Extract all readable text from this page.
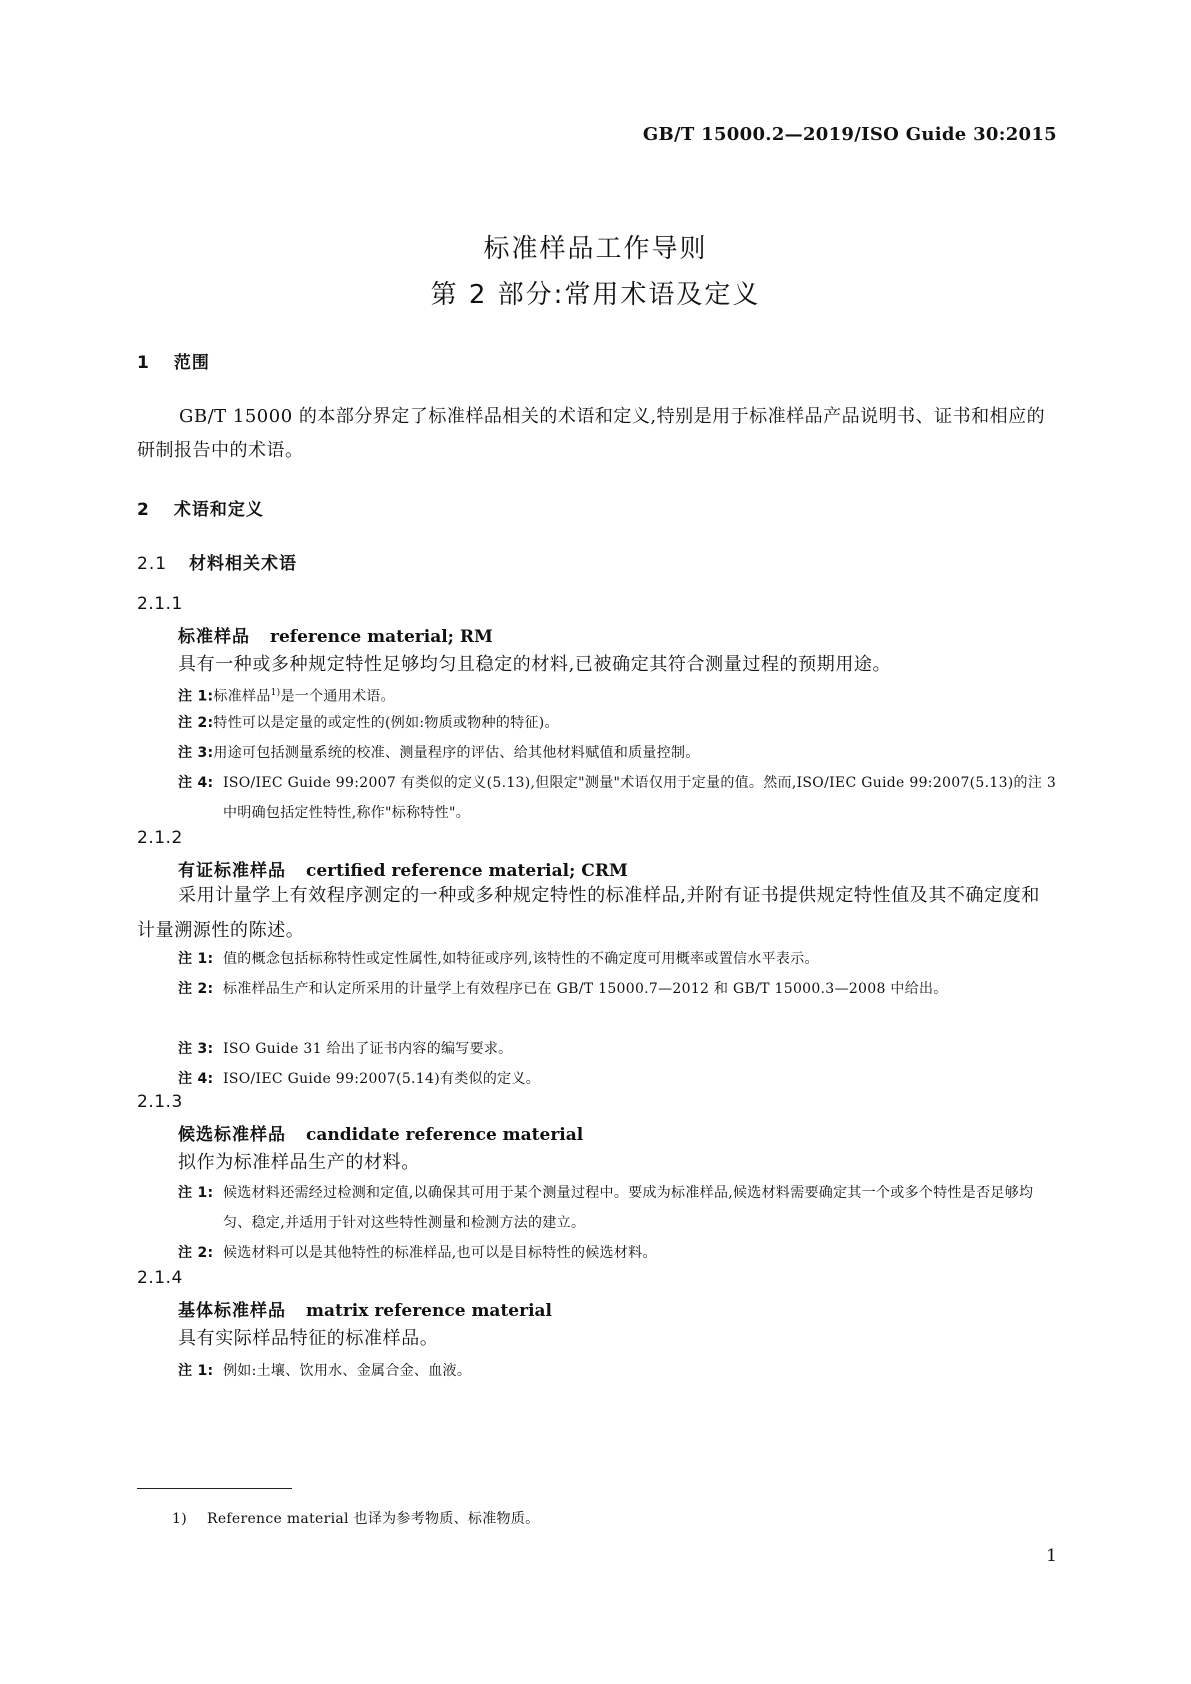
GB/T 15000.2—2019/ISO Guide 30:2015
标准样品工作导则
第 2 部分:常用术语及定义
1 范围

GB/T 15000 的本部分界定了标准样品相关的术语和定义,特别是用于标准样品产品说明书、证书和相应的研制报告中的术语。

2 术语和定义
2.1 材料相关术语
2.1.1
标准样品 reference material; RM
具有一种或多种规定特性足够均匀且稳定的材料,已被确定其符合测量过程的预期用途。
注 1:标准样品$^{1)}$是一个通用术语。
注 2:特性可以是定量的或定性的(例如:物质或物种的特征)。
注 3:用途可包括测量系统的校准、测量程序的评估、给其他材料赋值和质量控制。
注 4: ISO/IEC Guide 99:2007 有类似的定义(5.13),但限定"测量"术语仅用于定量的值。然而,ISO/IEC Guide 99:2007(5.13)的注 3 中明确包括定性特性,称作"标称特性"。
2.1.2
有证标准样品 certified reference material; CRM

采用计量学上有效程序测定的一种或多种规定特性的标准样品,并附有证书提供规定特性值及其不确定度和计量溯源性的陈述。

注 1: 值的概念包括标称特性或定性属性,如特征或序列,该特性的不确定度可用概率或置信水平表示。
注 2: 标准样品生产和认定所采用的计量学上有效程序已在 GB/T 15000.7—2012 和 GB/T 15000.3—2008 中给出。
注 3: ISO Guide 31 给出了证书内容的编写要求。
注 4: ISO/IEC Guide 99:2007(5.14)有类似的定义。
2.1.3
候选标准样品 candidate reference material
拟作为标准样品生产的材料。
注 1: 候选材料还需经过检测和定值,以确保其可用于某个测量过程中。要成为标准样品,候选材料需要确定其一个或多个特性是否足够均匀、稳定,并适用于针对这些特性测量和检测方法的建立。
注 2: 候选材料可以是其他特性的标准样品,也可以是目标特性的候选材料。
2.1.4
基体标准样品 matrix reference material
具有实际样品特征的标准样品。
注 1: 例如:土壤、饮用水、金属合金、血液。
1) Reference material 也译为参考物质、标准物质。
1
